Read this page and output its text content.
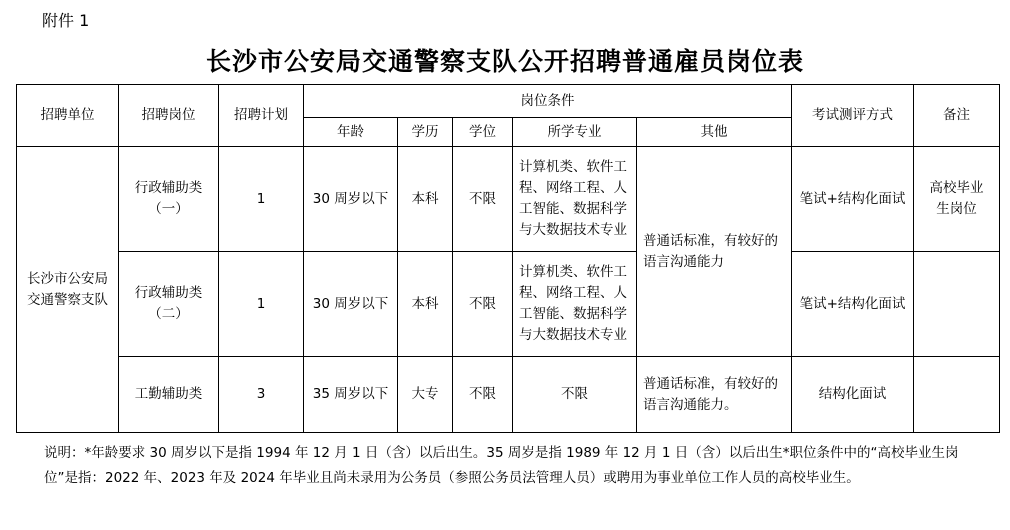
附件 1
长沙市公安局交通警察支队公开招聘普通雇员岗位表
招聘单位	招聘岗位	招聘计划	岗位条件					考试测评方式	备注
			年龄	学历	学位	所学专业	其他		
长沙市公安局交通警察支队	行政辅助类（一）	1	30 周岁以下	本科	不限	计算机类、软件工程、网络工程、人工智能、数据科学与大数据技术专业	普通话标准，有较好的语言沟通能力	笔试+结构化面试	高校毕业生岗位
	行政辅助类（二）	1	30 周岁以下	本科	不限	计算机类、软件工程、网络工程、人工智能、数据科学与大数据技术专业		笔试+结构化面试	
	工勤辅助类	3	35 周岁以下	大专	不限	不限	普通话标准，有较好的语言沟通能力。	结构化面试	
说明：*年龄要求 30 周岁以下是指 1994 年 12 月 1 日（含）以后出生。35 周岁是指 1989 年 12 月 1 日（含）以后出生*职位条件中的“高校毕业生岗位”是指：2022 年、2023 年及 2024 年毕业且尚未录用为公务员（参照公务员法管理人员）或聘用为事业单位工作人员的高校毕业生。
